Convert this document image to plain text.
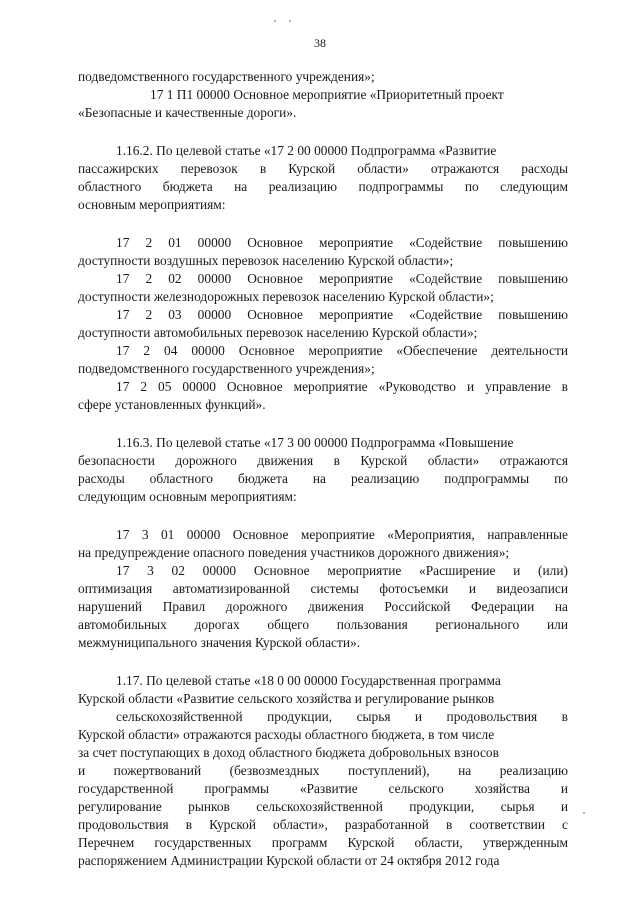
38
подведомственного государственного учреждения»;
17 1 П1 00000 Основное мероприятие «Приоритетный проект
«Безопасные и качественные дороги».
1.16.2. По целевой статье «17 2 00 00000 Подпрограмма «Развитие
пассажирских перевозок в Курской области» отражаются расходы
областного бюджета на реализацию подпрограммы по следующим
основным мероприятиям:
17 2 01 00000 Основное мероприятие «Содействие повышению
доступности воздушных перевозок населению Курской области»;
17 2 02 00000 Основное мероприятие «Содействие повышению
доступности железнодорожных перевозок населению Курской области»;
17 2 03 00000 Основное мероприятие «Содействие повышению
доступности автомобильных перевозок населению Курской области»;
17 2 04 00000 Основное мероприятие «Обеспечение деятельности
подведомственного государственного учреждения»;
17 2 05 00000 Основное мероприятие «Руководство и управление в
сфере установленных функций».
1.16.3. По целевой статье «17 3 00 00000 Подпрограмма «Повышение
безопасности дорожного движения в Курской области» отражаются
расходы областного бюджета на реализацию подпрограммы по
следующим основным мероприятиям:
17 3 01 00000 Основное мероприятие «Мероприятия, направленные
на предупреждение опасного поведения участников дорожного движения»;
17 3 02 00000 Основное мероприятие «Расширение и (или)
оптимизация автоматизированной системы фотосъемки и видеозаписи
нарушений Правил дорожного движения Российской Федерации на
автомобильных дорогах общего пользования регионального или
межмуниципального значения Курской области».
1.17. По целевой статье «18 0 00 00000 Государственная программа
Курской области «Развитие сельского хозяйства и регулирование рынков
сельскохозяйственной продукции, сырья и продовольствия в
Курской области» отражаются расходы областного бюджета, в том числе
за счет поступающих в доход областного бюджета добровольных взносов
и пожертвований (безвозмездных поступлений), на реализацию
государственной программы «Развитие сельского хозяйства и
регулирование рынков сельскохозяйственной продукции, сырья и
продовольствия в Курской области», разработанной в соответствии с
Перечнем государственных программ Курской области, утвержденным
распоряжением Администрации Курской области от 24 октября 2012 года
